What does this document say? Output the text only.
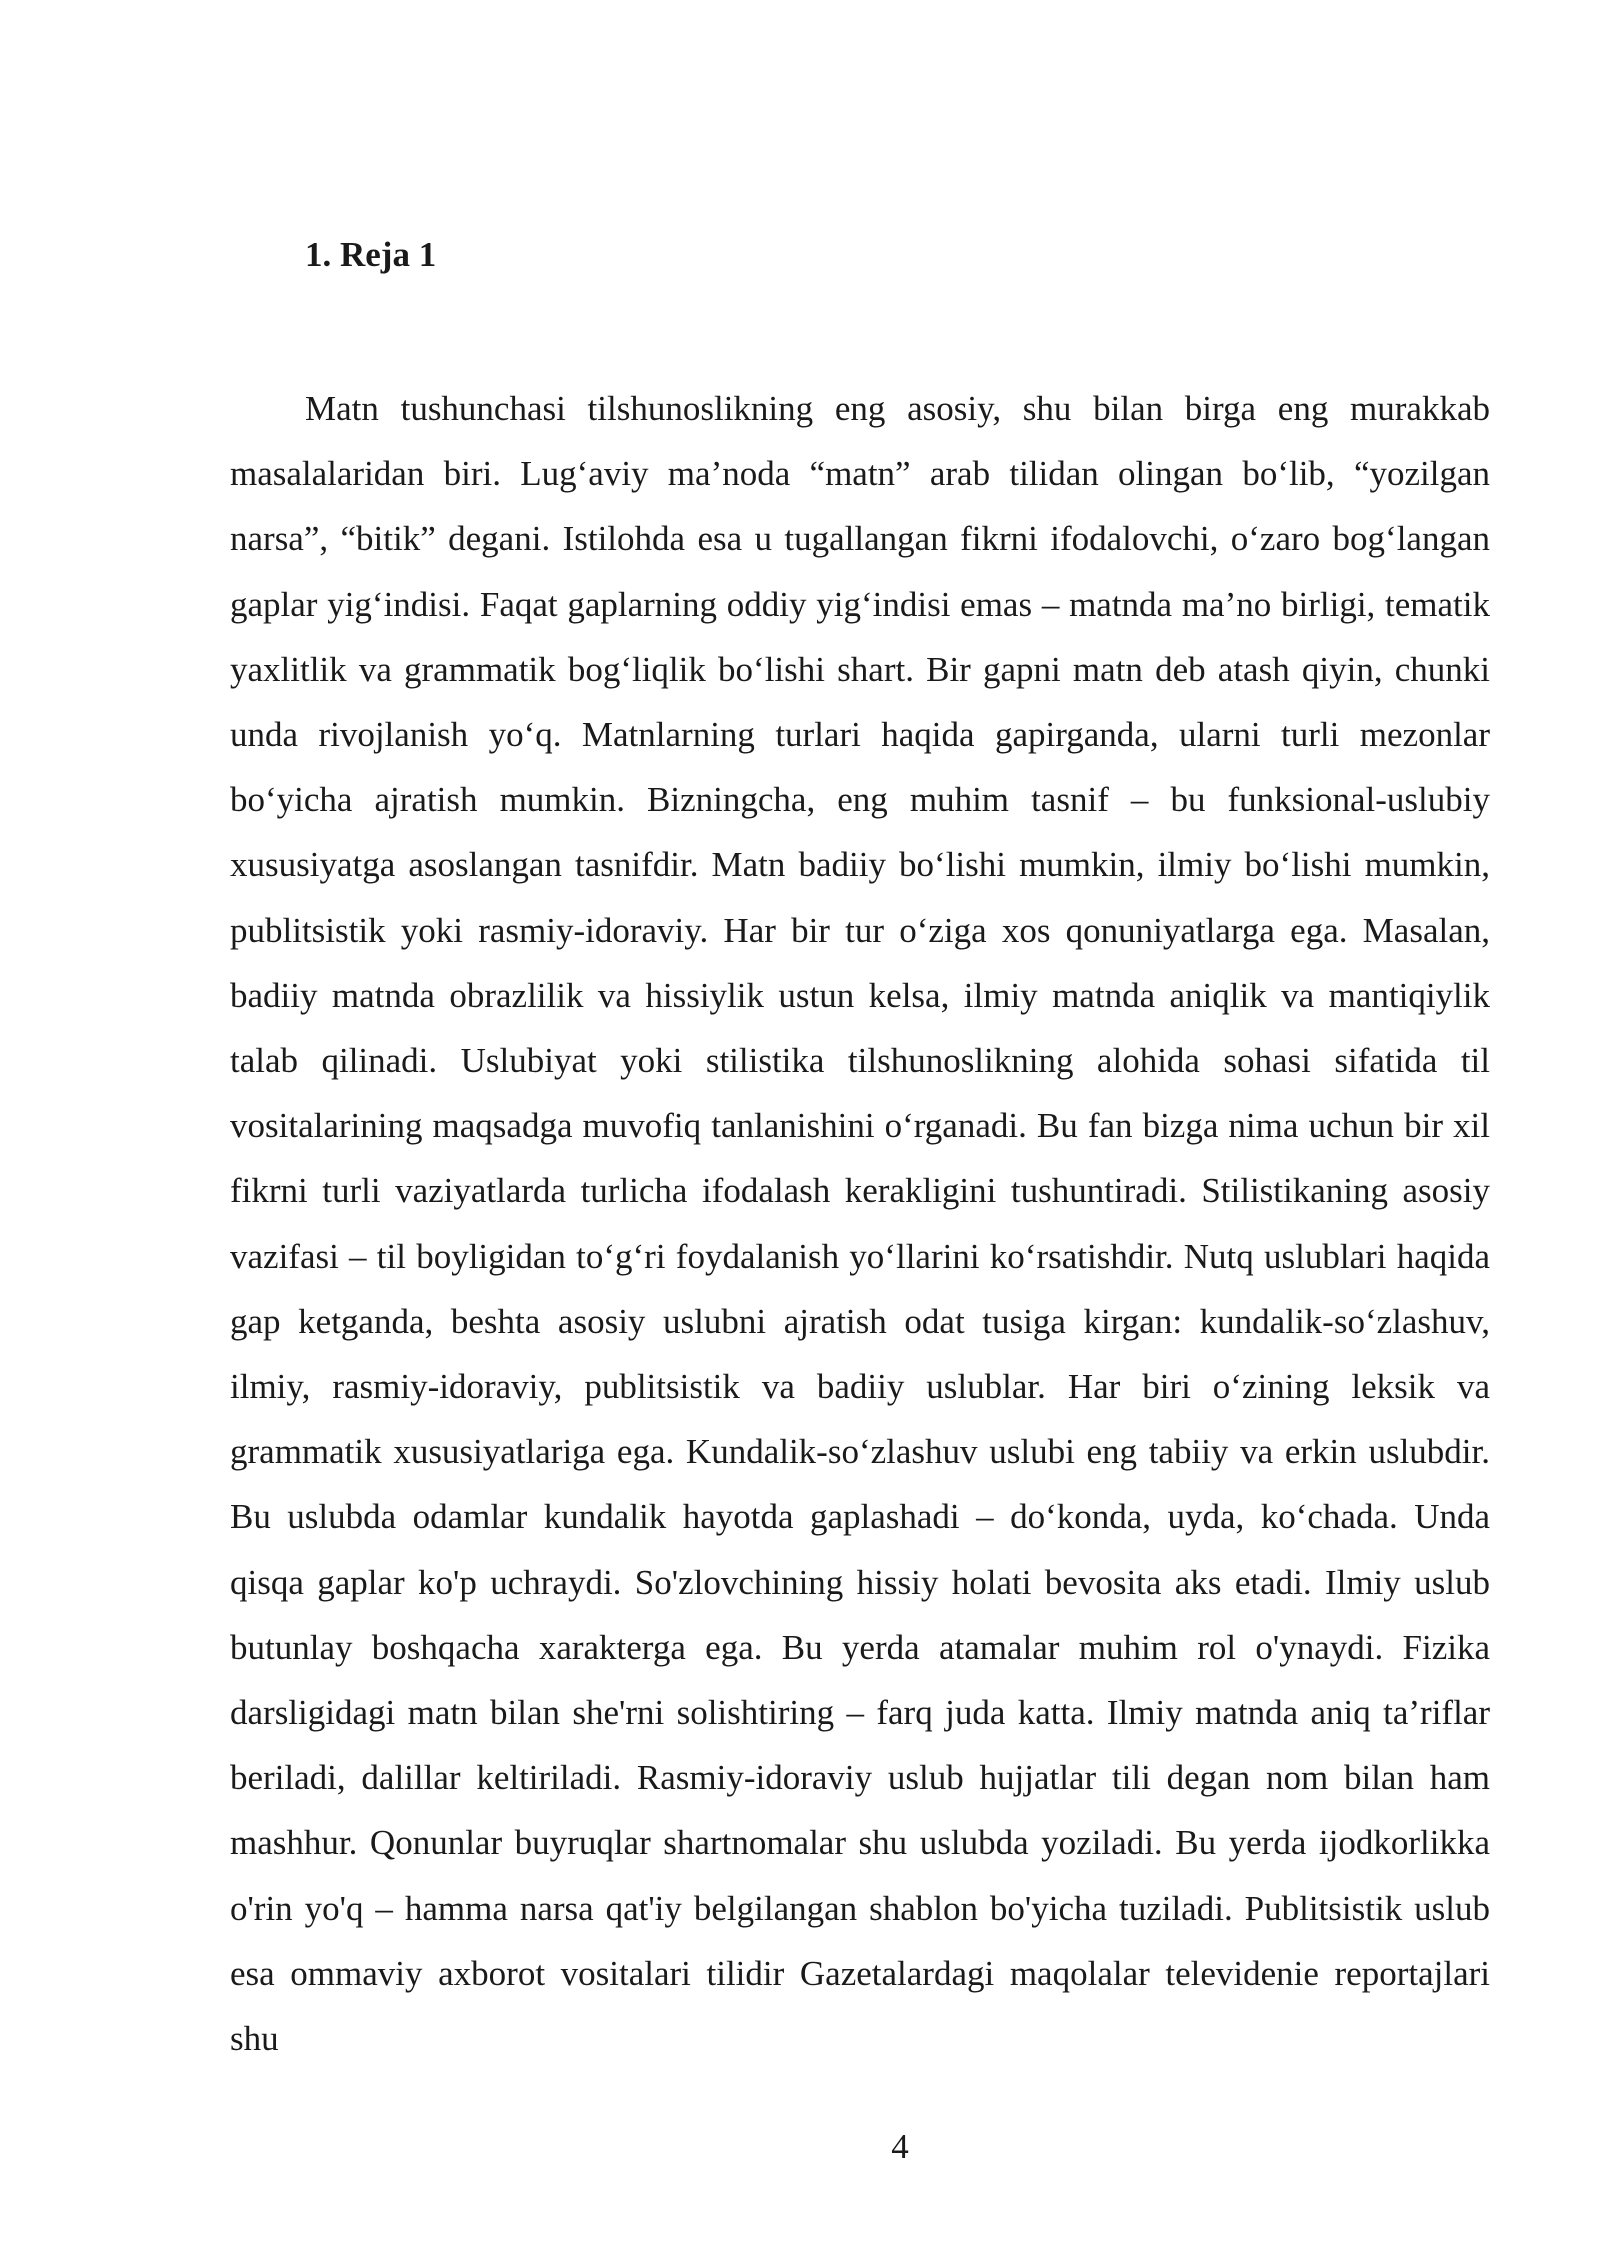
1. Reja 1

Matn tushunchasi tilshunoslikning eng asosiy, shu bilan birga eng murakkab masalalaridan biri. Lug‘aviy ma’noda “matn” arab tilidan olingan bo‘lib, “yozilgan narsa”, “bitik” degani. Istilohda esa u tugallangan fikrni ifodalovchi, o‘zaro bog‘langan gaplar yig‘indisi. Faqat gaplarning oddiy yig‘indisi emas – matnda ma’no birligi, tematik yaxlitlik va grammatik bog‘liqlik bo‘lishi shart. Bir gapni matn deb atash qiyin, chunki unda rivojlanish yo‘q. Matnlarning turlari haqida gapirganda, ularni turli mezonlar bo‘yicha ajratish mumkin. Bizningcha, eng muhim tasnif – bu funksional-uslubiy xususiyatga asoslangan tasnifdir. Matn badiiy bo‘lishi mumkin, ilmiy bo‘lishi mumkin, publitsistik yoki rasmiy-idoraviy. Har bir tur o‘ziga xos qonuniyatlarga ega. Masalan, badiiy matnda obrazlilik va hissiylik ustun kelsa, ilmiy matnda aniqlik va mantiqiylik talab qilinadi. Uslubiyat yoki stilistika tilshunoslikning alohida sohasi sifatida til vositalarining maqsadga muvofiq tanlanishini o‘rganadi. Bu fan bizga nima uchun bir xil fikrni turli vaziyatlarda turlicha ifodalash kerakligini tushuntiradi. Stilistikaning asosiy vazifasi – til boyligidan to‘g‘ri foydalanish yo‘llarini ko‘rsatishdir. Nutq uslublari haqida gap ketganda, beshta asosiy uslubni ajratish odat tusiga kirgan: kundalik-so‘zlashuv, ilmiy, rasmiy-idoraviy, publitsistik va badiiy uslublar. Har biri o‘zining leksik va grammatik xususiyatlariga ega. Kundalik-so‘zlashuv uslubi eng tabiiy va erkin uslubdir. Bu uslubda odamlar kundalik hayotda gaplashadi – do‘konda, uyda, ko‘chada. Unda qisqa gaplar ko'p uchraydi. So'zlovchining hissiy holati bevosita aks etadi. Ilmiy uslub butunlay boshqacha xarakterga ega. Bu yerda atamalar muhim rol o'ynaydi. Fizika darsligidagi matn bilan she'rni solishtiring – farq juda katta. Ilmiy matnda aniq ta’riflar beriladi, dalillar keltiriladi. Rasmiy-idoraviy uslub hujjatlar tili degan nom bilan ham mashhur. Qonunlar buyruqlar shartnomalar shu uslubda yoziladi. Bu yerda ijodkorlikka o'rin yo'q – hamma narsa qat'iy belgilangan shablon bo'yicha tuziladi. Publitsistik uslub esa ommaviy axborot vositalari tilidir Gazetalardagi maqolalar televidenie reportajlari shu

4
